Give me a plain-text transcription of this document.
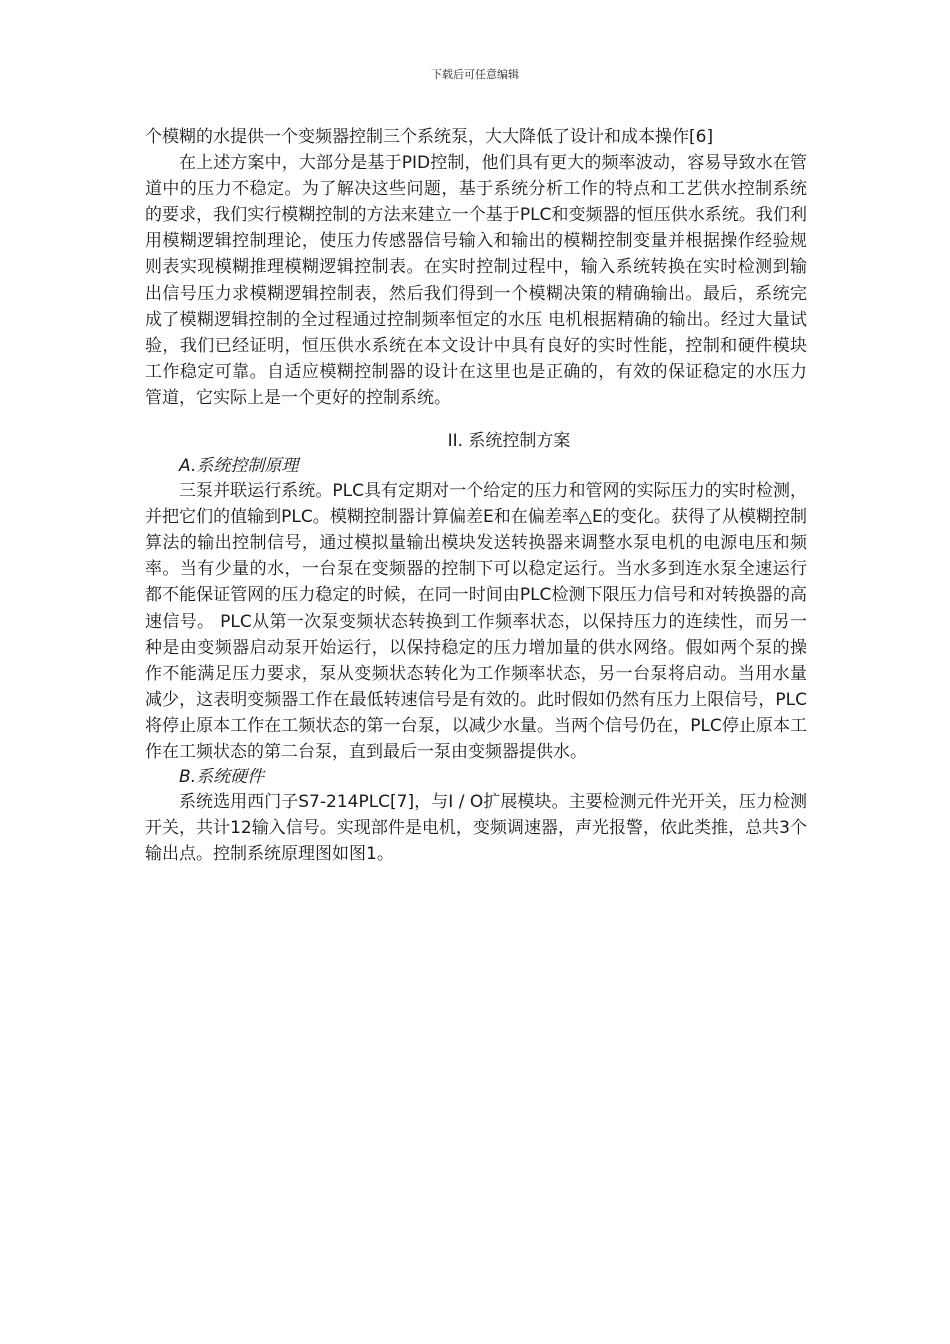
下载后可任意编辑

个模糊的水提供一个变频器控制三个系统泵，大大降低了设计和成本操作[6]

在上述方案中，大部分是基于PID控制，他们具有更大的频率波动，容易导致水在管道中的压力不稳定。为了解决这些问题，基于系统分析工作的特点和工艺供水控制系统的要求，我们实行模糊控制的方法来建立一个基于PLC和变频器的恒压供水系统。我们利用模糊逻辑控制理论，使压力传感器信号输入和输出的模糊控制变量并根据操作经验规则表实现模糊推理模糊逻辑控制表。在实时控制过程中，输入系统转换在实时检测到输出信号压力求模糊逻辑控制表，然后我们得到一个模糊决策的精确输出。最后，系统完成了模糊逻辑控制的全过程通过控制频率恒定的水压 电机根据精确的输出。经过大量试验，我们已经证明，恒压供水系统在本文设计中具有良好的实时性能，控制和硬件模块工作稳定可靠。自适应模糊控制器的设计在这里也是正确的，有效的保证稳定的水压力管道，它实际上是一个更好的控制系统。

II. 系统控制方案

A.系统控制原理

三泵并联运行系统。PLC具有定期对一个给定的压力和管网的实际压力的实时检测，并把它们的值输到PLC。模糊控制器计算偏差E和在偏差率△E的变化。获得了从模糊控制算法的输出控制信号，通过模拟量输出模块发送转换器来调整水泵电机的电源电压和频率。当有少量的水，一台泵在变频器的控制下可以稳定运行。当水多到连水泵全速运行都不能保证管网的压力稳定的时候，在同一时间由PLC检测下限压力信号和对转换器的高速信号。 PLC从第一次泵变频状态转换到工作频率状态，以保持压力的连续性，而另一种是由变频器启动泵开始运行，以保持稳定的压力增加量的供水网络。假如两个泵的操作不能满足压力要求，泵从变频状态转化为工作频率状态，另一台泵将启动。当用水量减少，这表明变频器工作在最低转速信号是有效的。此时假如仍然有压力上限信号，PLC将停止原本工作在工频状态的第一台泵，以减少水量。当两个信号仍在，PLC停止原本工作在工频状态的第二台泵，直到最后一泵由变频器提供水。

B.系统硬件

系统选用西门子S7-214PLC[7]，与I / O扩展模块。主要检测元件光开关，压力检测开关，共计12输入信号。实现部件是电机，变频调速器，声光报警，依此类推，总共3个输出点。控制系统原理图如图1。
